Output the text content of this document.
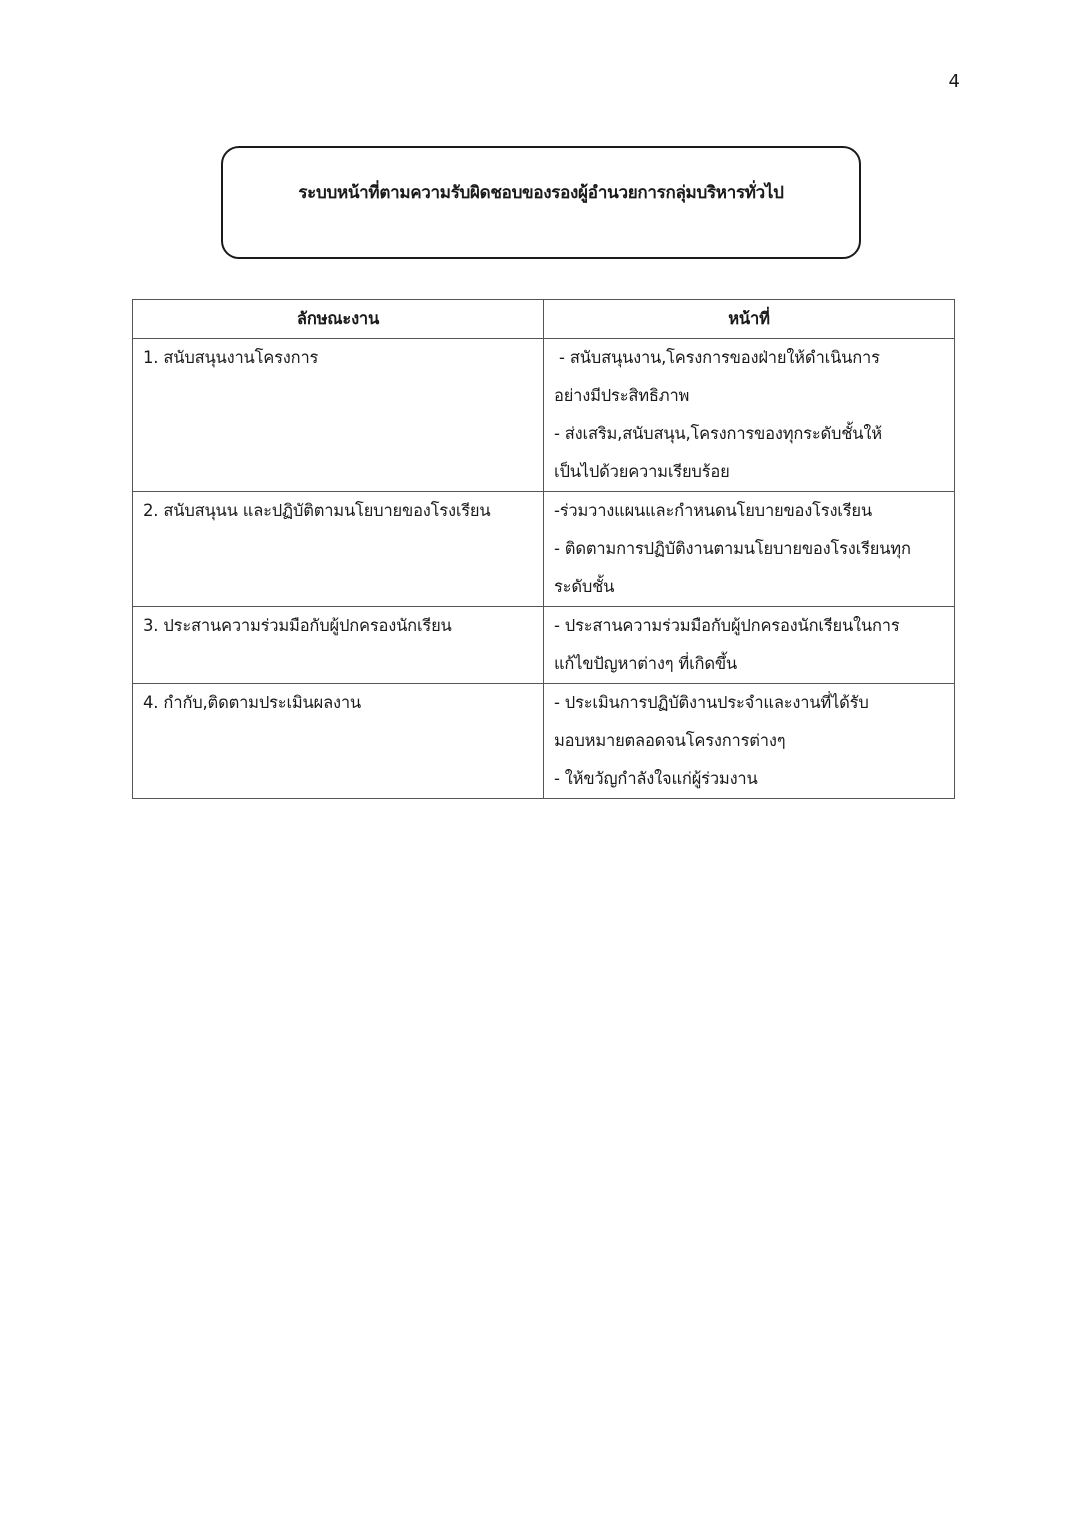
4
ระบบหน้าที่ตามความรับผิดชอบของรองผู้อำนวยการกลุ่มบริหารทั่วไป
ลักษณะงาน	หน้าที่

1. สนับสนุนงานโครงการ	- สนับสนุนงาน,โครงการของฝ่ายให้ดำเนินการ
อย่างมีประสิทธิภาพ
- ส่งเสริม,สนับสนุน,โครงการของทุกระดับชั้นให้
เป็นไปด้วยความเรียบร้อย

2. สนับสนุนน และปฏิบัติตามนโยบายของโรงเรียน	-ร่วมวางแผนและกำหนดนโยบายของโรงเรียน
- ติดตามการปฏิบัติงานตามนโยบายของโรงเรียนทุก
ระดับชั้น

3. ประสานความร่วมมือกับผู้ปกครองนักเรียน	- ประสานความร่วมมือกับผู้ปกครองนักเรียนในการ
แก้ไขปัญหาต่างๆ ที่เกิดขึ้น

4. กำกับ,ติดตามประเมินผลงาน	- ประเมินการปฏิบัติงานประจำและงานที่ได้รับ
มอบหมายตลอดจนโครงการต่างๆ
- ให้ขวัญกำลังใจแก่ผู้ร่วมงาน
